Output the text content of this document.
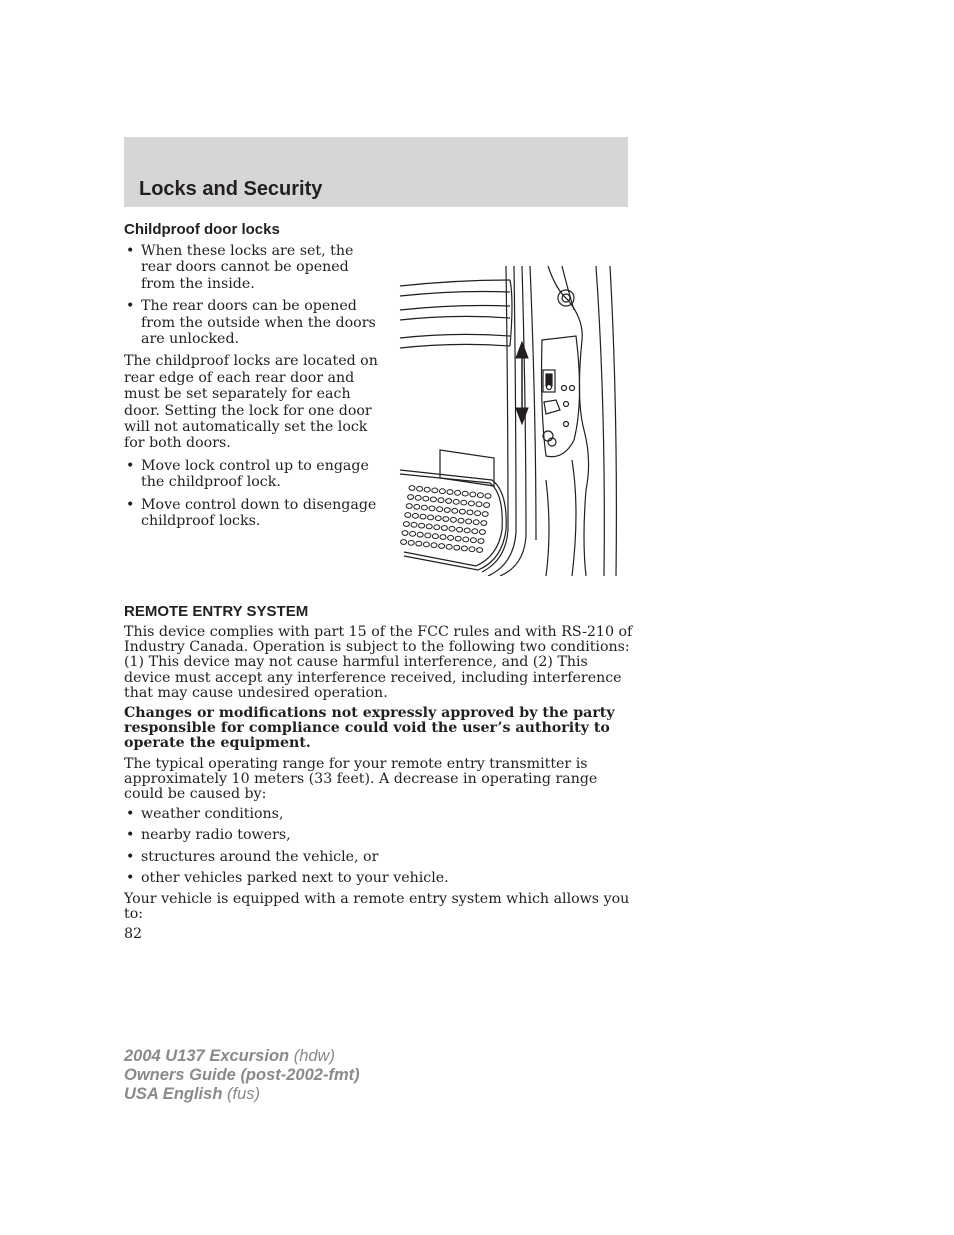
Locks and Security
Childproof door locks
• When these locks are set, the rear doors cannot be opened from the inside.
• The rear doors can be opened from the outside when the doors are unlocked.

The childproof locks are located on rear edge of each rear door and must be set separately for each door. Setting the lock for one door will not automatically set the lock for both doors.

• Move lock control up to engage the childproof lock.
• Move control down to disengage childproof locks.
REMOTE ENTRY SYSTEM

This device complies with part 15 of the FCC rules and with RS-210 of Industry Canada. Operation is subject to the following two conditions: (1) This device may not cause harmful interference, and (2) This device must accept any interference received, including interference that may cause undesired operation.

Changes or modifications not expressly approved by the party responsible for compliance could void the user’s authority to operate the equipment.

The typical operating range for your remote entry transmitter is approximately 10 meters (33 feet). A decrease in operating range could be caused by:

• weather conditions,
• nearby radio towers,
• structures around the vehicle, or
• other vehicles parked next to your vehicle.

Your vehicle is equipped with a remote entry system which allows you to:

82
2004 U137 Excursion (hdw)
Owners Guide (post-2002-fmt)
USA English (fus)
